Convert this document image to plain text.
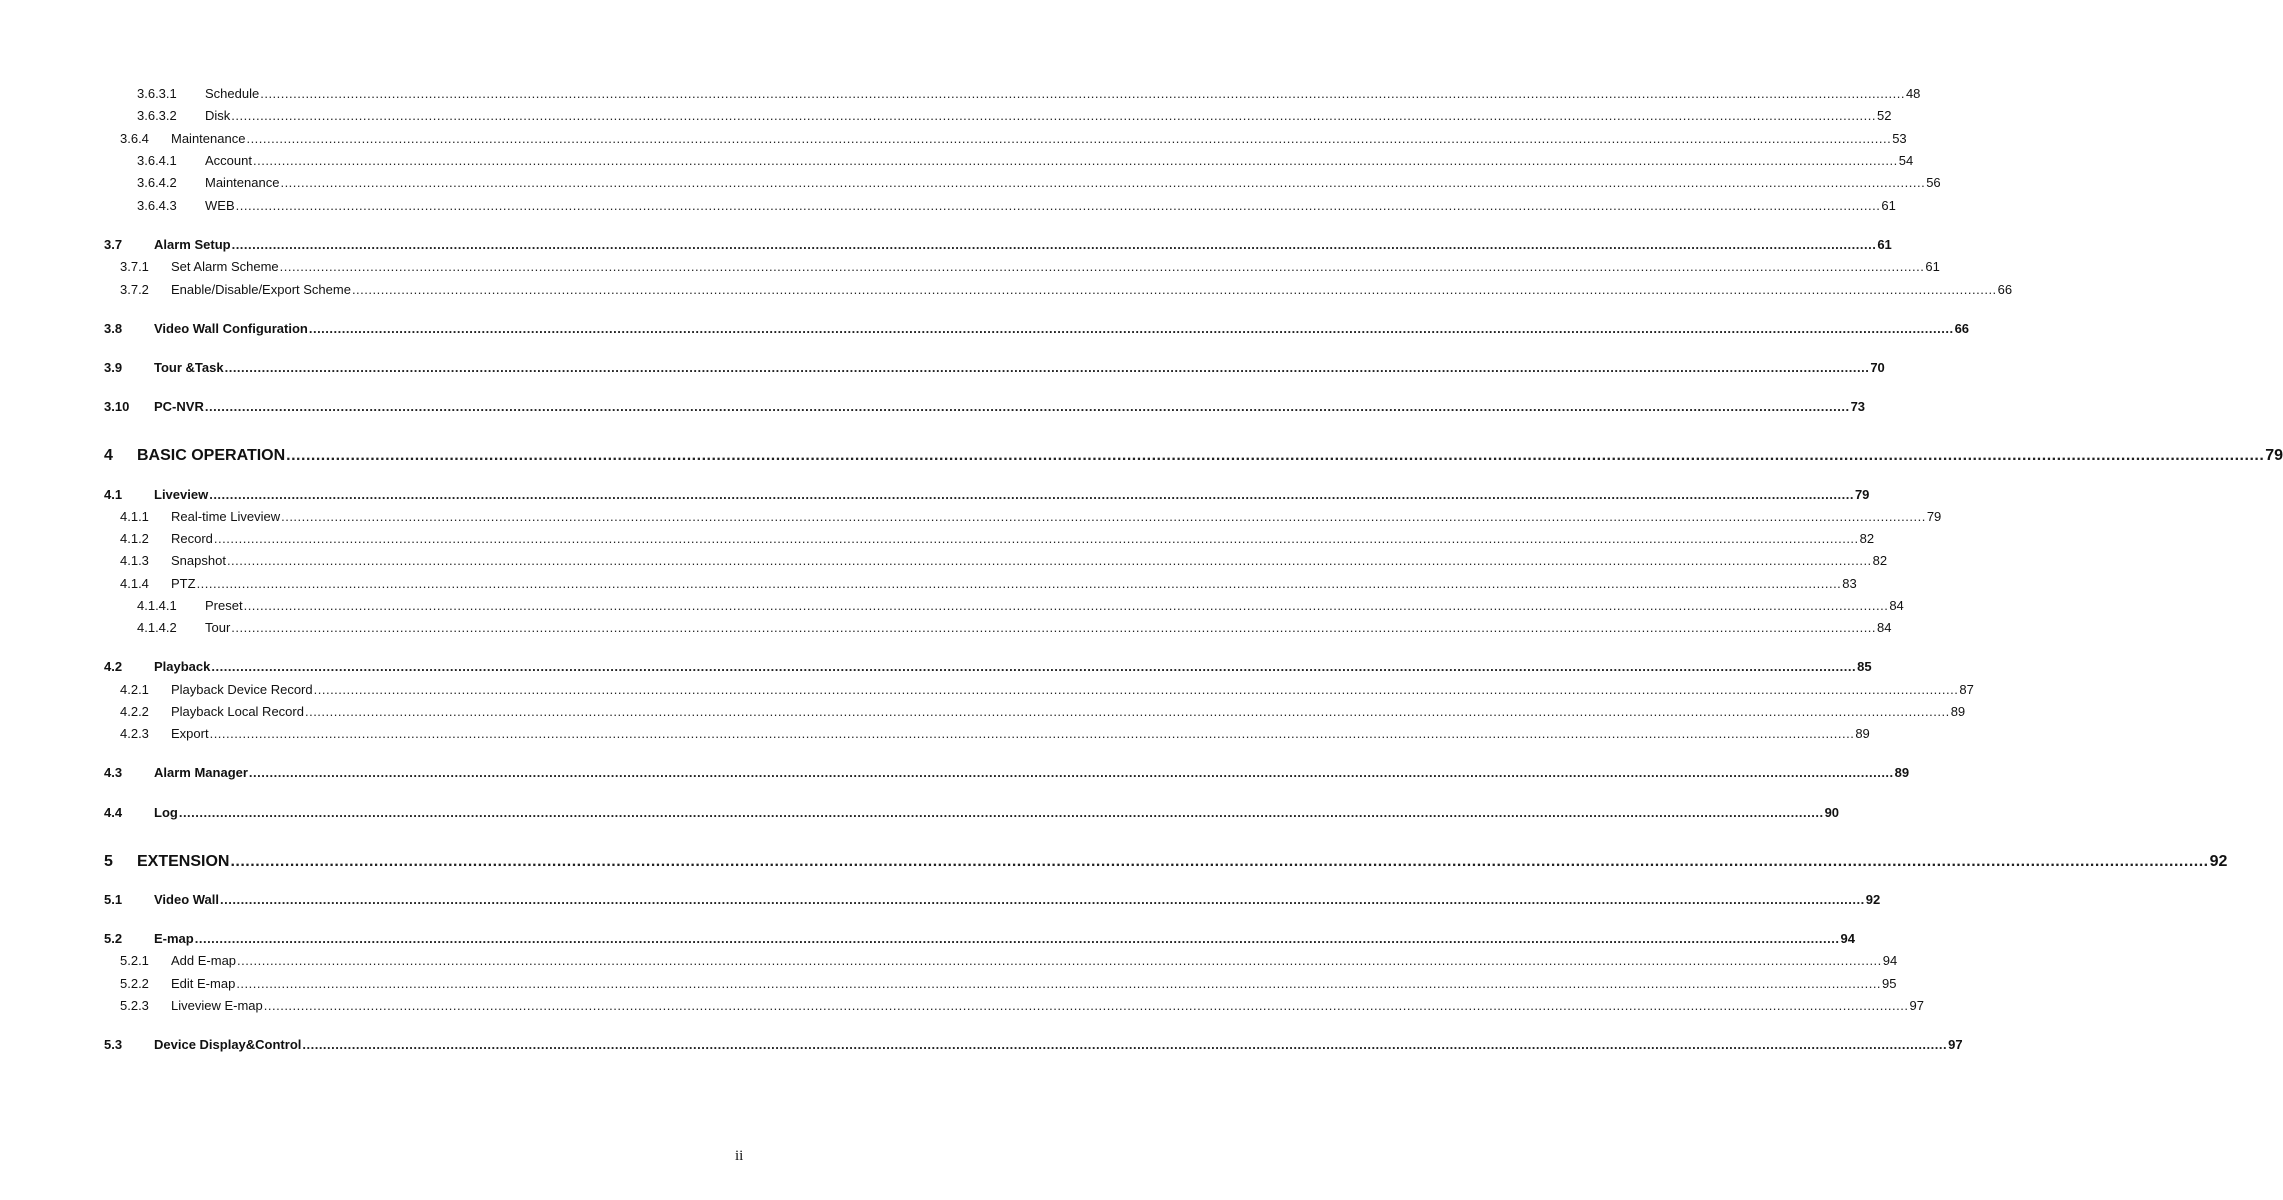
3.6.3.1	Schedule ................................................................................................................................................................................................................................................................................................................................................................................................................ 48
3.6.3.2	Disk ................................................................................................................................................................................................................................................................................................................................................................................................................ 52
3.6.4	Maintenance ................................................................................................................................................................................................................................................................................................................................................................................................................ 53
3.6.4.1	Account ................................................................................................................................................................................................................................................................................................................................................................................................................ 54
3.6.4.2	Maintenance ................................................................................................................................................................................................................................................................................................................................................................................................................ 56
3.6.4.3	WEB ................................................................................................................................................................................................................................................................................................................................................................................................................ 61
3.7	Alarm Setup ................................................................................................................................................................................................................................................................................................................................................................................................................ 61
3.7.1	Set Alarm Scheme ................................................................................................................................................................................................................................................................................................................................................................................................................ 61
3.7.2	Enable/Disable/Export Scheme ................................................................................................................................................................................................................................................................................................................................................................................................................ 66
3.8	Video Wall Configuration ................................................................................................................................................................................................................................................................................................................................................................................................................ 66
3.9	Tour &Task ................................................................................................................................................................................................................................................................................................................................................................................................................ 70
3.10	PC-NVR ................................................................................................................................................................................................................................................................................................................................................................................................................ 73
4	BASIC OPERATION ................................................................................................................................................................................................................................................................................................................................................................................................................ 79
4.1	Liveview ................................................................................................................................................................................................................................................................................................................................................................................................................ 79
4.1.1	Real-time Liveview ................................................................................................................................................................................................................................................................................................................................................................................................................ 79
4.1.2	Record ................................................................................................................................................................................................................................................................................................................................................................................................................ 82
4.1.3	Snapshot ................................................................................................................................................................................................................................................................................................................................................................................................................ 82
4.1.4	PTZ ................................................................................................................................................................................................................................................................................................................................................................................................................ 83
4.1.4.1	Preset ................................................................................................................................................................................................................................................................................................................................................................................................................ 84
4.1.4.2	Tour ................................................................................................................................................................................................................................................................................................................................................................................................................ 84
4.2	Playback ................................................................................................................................................................................................................................................................................................................................................................................................................ 85
4.2.1	Playback Device Record ................................................................................................................................................................................................................................................................................................................................................................................................................ 87
4.2.2	Playback Local Record ................................................................................................................................................................................................................................................................................................................................................................................................................ 89
4.2.3	Export ................................................................................................................................................................................................................................................................................................................................................................................................................ 89
4.3	Alarm Manager ................................................................................................................................................................................................................................................................................................................................................................................................................ 89
4.4	Log ................................................................................................................................................................................................................................................................................................................................................................................................................ 90
5	EXTENSION ................................................................................................................................................................................................................................................................................................................................................................................................................ 92
5.1	Video Wall ................................................................................................................................................................................................................................................................................................................................................................................................................ 92
5.2	E-map ................................................................................................................................................................................................................................................................................................................................................................................................................ 94
5.2.1	Add E-map ................................................................................................................................................................................................................................................................................................................................................................................................................ 94
5.2.2	Edit E-map ................................................................................................................................................................................................................................................................................................................................................................................................................ 95
5.2.3	Liveview E-map ................................................................................................................................................................................................................................................................................................................................................................................................................ 97
5.3	Device Display&Control ................................................................................................................................................................................................................................................................................................................................................................................................................ 97
ii
